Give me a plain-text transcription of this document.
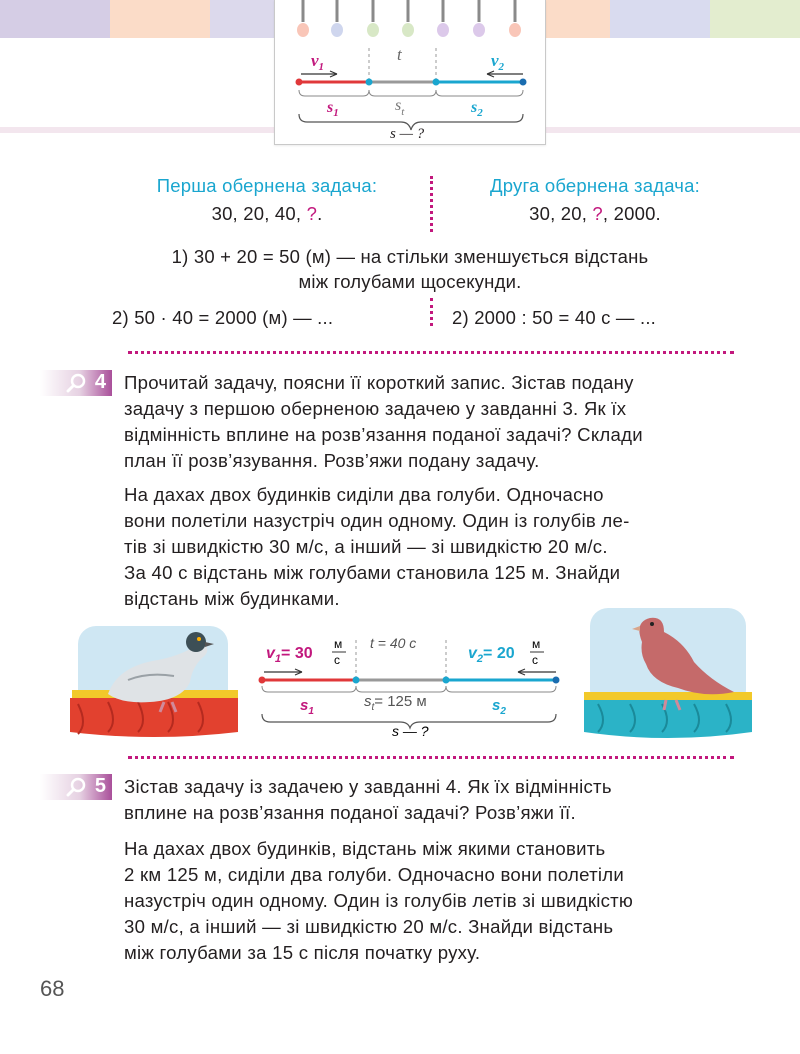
t
$v_1$	$v_2$
$s_1$	$s_t$	$s_2$
s — ?
Перша обернена задача:
30, 20, 40, ?.
Друга обернена задача:
30, 20, ?, 2000.
1) 30 + 20 = 50 (м) — на стільки зменшується відстань
між голубами щосекунди.
2) 50 · 40 = 2000 (м) — ...	2) 2000 : 50 = 40 с — ...
4 Прочитай задачу, поясни її короткий запис. Зістав подану
задачу з першою оберненою задачею у завданні 3. Як їх
відмінність вплине на розв’язання поданої задачі? Склади
план її розв’язування. Розв’яжи подану задачу.
На дахах двох будинків сиділи два голуби. Одночасно
вони полетіли назустріч один одному. Один із голубів ле-
тів зі швидкістю 30 м/с, а інший — зі швидкістю 20 м/с.
За 40 с відстань між голубами становила 125 м. Знайди
відстань між будинками.
$v_1= 30$
м
с
t = 40 с
$v_2= 20$
м
с
$s_1$
$s_t= 125$ м	$s_2$
s — ?
5 Зістав задачу із задачею у завданні 4. Як їх відмінність
вплине на розв’язання поданої задачі? Розв’яжи її.
На дахах двох будинків, відстань між якими становить
2 км 125 м, сиділи два голуби. Одночасно вони полетіли
назустріч один одному. Один із голубів летів зі швидкістю
30 м/с, а інший — зі швидкістю 20 м/с. Знайди відстань
між голубами за 15 с після початку руху.
68
